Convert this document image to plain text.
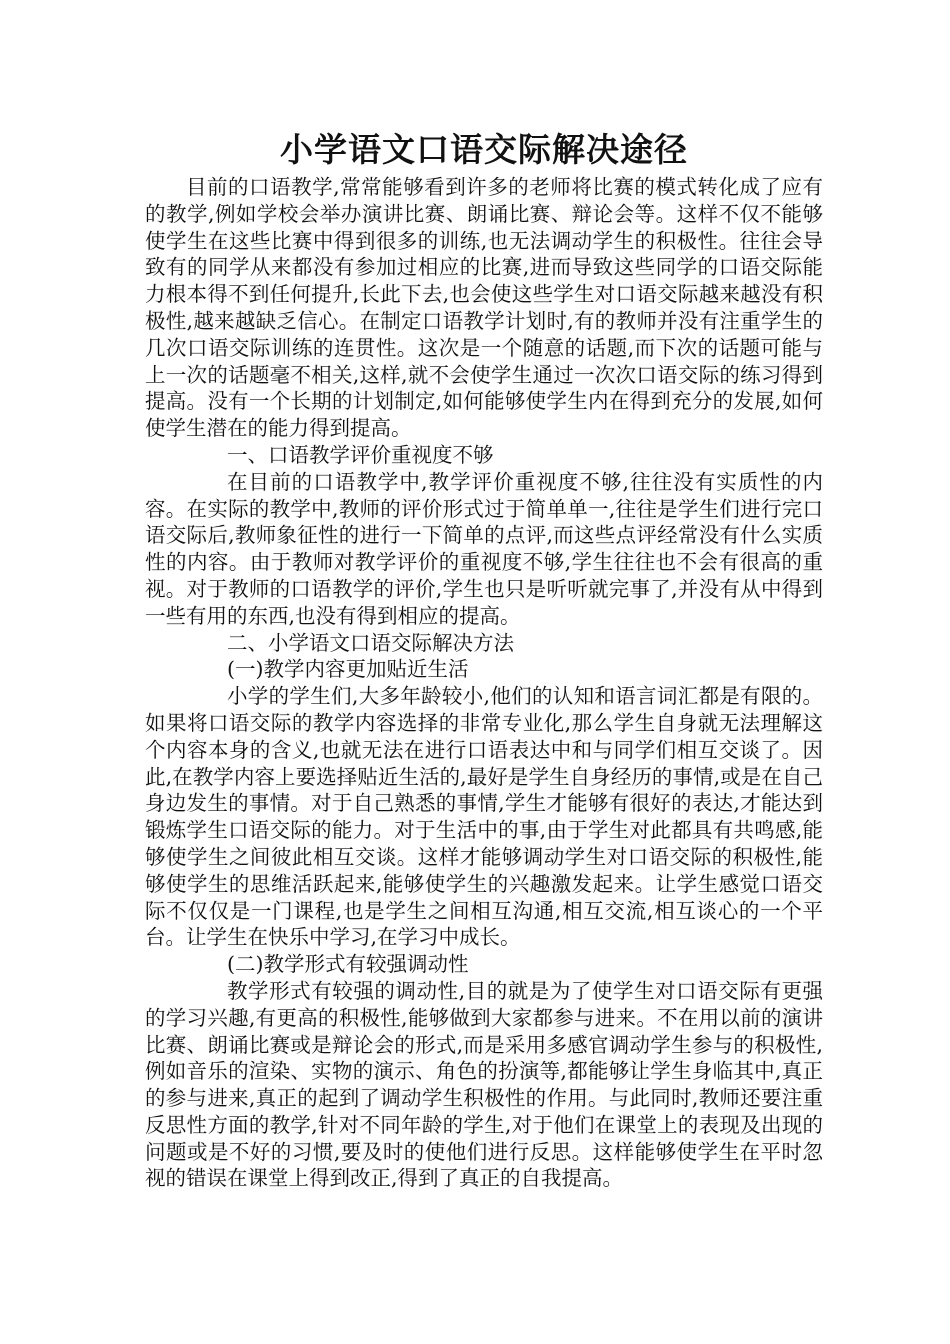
小学语文口语交际解决途径

目前的口语教学,常常能够看到许多的老师将比赛的模式转化成了应有的教学,例如学校会举办演讲比赛、朗诵比赛、辩论会等。这样不仅不能够使学生在这些比赛中得到很多的训练,也无法调动学生的积极性。往往会导致有的同学从来都没有参加过相应的比赛,进而导致这些同学的口语交际能力根本得不到任何提升,长此下去,也会使这些学生对口语交际越来越没有积极性,越来越缺乏信心。在制定口语教学计划时,有的教师并没有注重学生的几次口语交际训练的连贯性。这次是一个随意的话题,而下次的话题可能与上一次的话题毫不相关,这样,就不会使学生通过一次次口语交际的练习得到提高。没有一个长期的计划制定,如何能够使学生内在得到充分的发展,如何使学生潜在的能力得到提高。

一、口语教学评价重视度不够

在目前的口语教学中,教学评价重视度不够,往往没有实质性的内容。在实际的教学中,教师的评价形式过于简单单一,往往是学生们进行完口语交际后,教师象征性的进行一下简单的点评,而这些点评经常没有什么实质性的内容。由于教师对教学评价的重视度不够,学生往往也不会有很高的重视。对于教师的口语教学的评价,学生也只是听听就完事了,并没有从中得到一些有用的东西,也没有得到相应的提高。

二、小学语文口语交际解决方法

(一)教学内容更加贴近生活

小学的学生们,大多年龄较小,他们的认知和语言词汇都是有限的。如果将口语交际的教学内容选择的非常专业化,那么学生自身就无法理解这个内容本身的含义,也就无法在进行口语表达中和与同学们相互交谈了。因此,在教学内容上要选择贴近生活的,最好是学生自身经历的事情,或是在自己身边发生的事情。对于自己熟悉的事情,学生才能够有很好的表达,才能达到锻炼学生口语交际的能力。对于生活中的事,由于学生对此都具有共鸣感,能够使学生之间彼此相互交谈。这样才能够调动学生对口语交际的积极性,能够使学生的思维活跃起来,能够使学生的兴趣激发起来。让学生感觉口语交际不仅仅是一门课程,也是学生之间相互沟通,相互交流,相互谈心的一个平台。让学生在快乐中学习,在学习中成长。

(二)教学形式有较强调动性

教学形式有较强的调动性,目的就是为了使学生对口语交际有更强的学习兴趣,有更高的积极性,能够做到大家都参与进来。不在用以前的演讲比赛、朗诵比赛或是辩论会的形式,而是采用多感官调动学生参与的积极性,例如音乐的渲染、实物的演示、角色的扮演等,都能够让学生身临其中,真正的参与进来,真正的起到了调动学生积极性的作用。与此同时,教师还要注重反思性方面的教学,针对不同年龄的学生,对于他们在课堂上的表现及出现的问题或是不好的习惯,要及时的使他们进行反思。这样能够使学生在平时忽视的错误在课堂上得到改正,得到了真正的自我提高。
